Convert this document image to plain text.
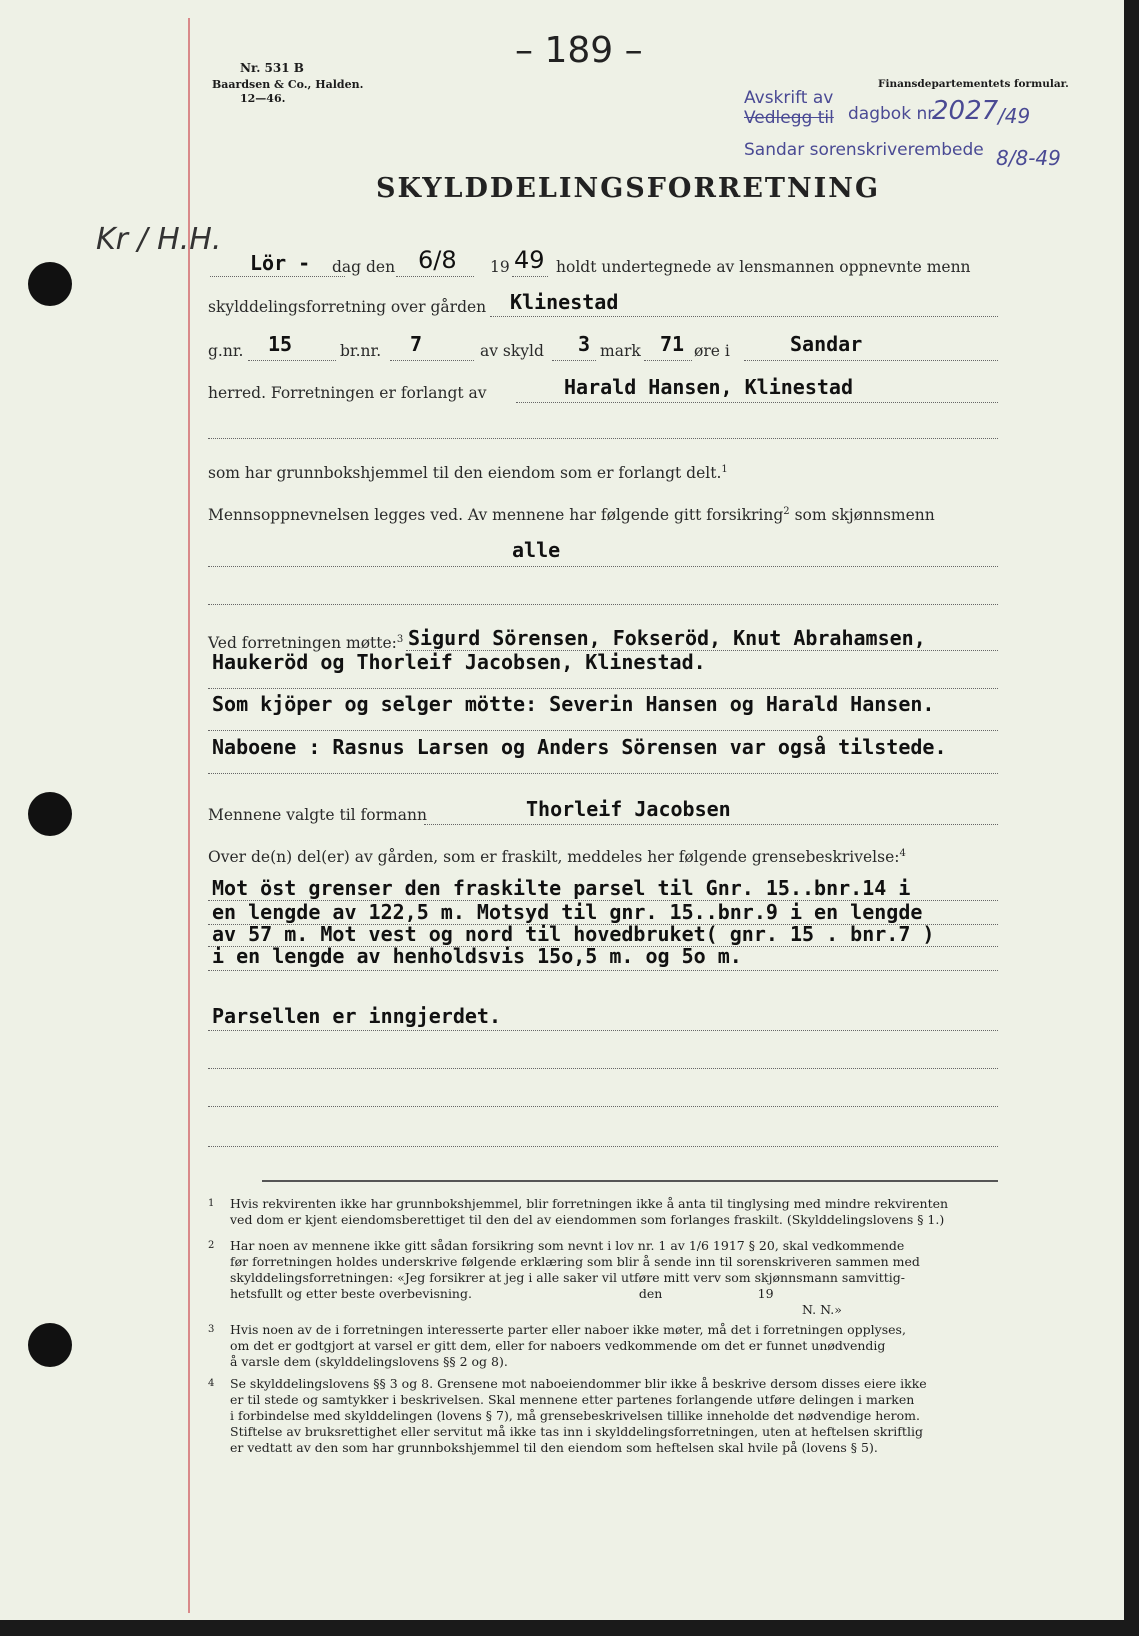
Kr / H.H.
– 189 –
Nr. 531 B
Baardsen & Co., Halden.
12—46.
Finansdepartementets formular.
Avskrift av
Vedlegg til dagbok nr.
2027 /49
Sandar sorenskriverembede 8/8-49
SKYLDDELINGSFORRETNING
Lör - dag den 6/8 19 49 holdt undertegnede av lensmannen oppnevnte menn
skylddelingsforretning over gården Klinestad
g.nr. 15	br.nr. 7	av skyld 3 mark 71 øre i	Sandar
herred. Forretningen er forlangt av	Harald Hansen, Klinestad
som har grunnbokshjemmel til den eiendom som er forlangt delt.$^1$
Mennsoppnevnelsen legges ved. Av mennene har følgende gitt forsikring$^2$ som skjønnsmenn
alle
Ved forretningen møtte:$^3$ Sigurd Sörensen, Fokseröd, Knut Abrahamsen,
Haukeröd og Thorleif Jacobsen, Klinestad.
Som kjöper og selger mötte: Severin Hansen og Harald Hansen.
Naboene : Rasnus Larsen og Anders Sörensen var også tilstede.
Mennene valgte til formann	Thorleif Jacobsen
Over de(n) del(er) av gården, som er fraskilt, meddeles her følgende grensebeskrivelse:$^4$
Mot öst grenser den fraskilte parsel til Gnr. 15..bnr.14 i
en lengde av 122,5 m. Motsyd til gnr. 15..bnr.9 i en lengde
av 57 m. Mot vest og nord til hovedbruket( gnr. 15 . bnr.7 )
i en lengde av henholdsvis 15o,5 m. og 5o m.
Parsellen er inngjerdet.
1 Hvis rekvirenten ikke har grunnbokshjemmel, blir forretningen ikke å anta til tinglysing med mindre rekvirenten
ved dom er kjent eiendomsberettiget til den del av eiendommen som forlanges fraskilt. (Skylddelingslovens § 1.)
2 Har noen av mennene ikke gitt sådan forsikring som nevnt i lov nr. 1 av 1/6 1917 § 20, skal vedkommende
før forretningen holdes underskrive følgende erklæring som blir å sende inn til sorenskriveren sammen med
skylddelingsforretningen: «Jeg forsikrer at jeg i alle saker vil utføre mitt verv som skjønnsmann samvittig-
hetsfullt og etter beste overbevisning.                                          den                        19
N. N.»
3 Hvis noen av de i forretningen interesserte parter eller naboer ikke møter, må det i forretningen opplyses,
om det er godtgjort at varsel er gitt dem, eller for naboers vedkommende om det er funnet unødvendig
å varsle dem (skylddelingslovens §§ 2 og 8).
4 Se skylddelingslovens §§ 3 og 8. Grensene mot naboeiendommer blir ikke å beskrive dersom disses eiere ikke
er til stede og samtykker i beskrivelsen. Skal mennene etter partenes forlangende utføre delingen i marken
i forbindelse med skylddelingen (lovens § 7), må grensebeskrivelsen tillike inneholde det nødvendige herom.
Stiftelse av bruksrettighet eller servitut må ikke tas inn i skylddelingsforretningen, uten at heftelsen skriftlig
er vedtatt av den som har grunnbokshjemmel til den eiendom som heftelsen skal hvile på (lovens § 5).
